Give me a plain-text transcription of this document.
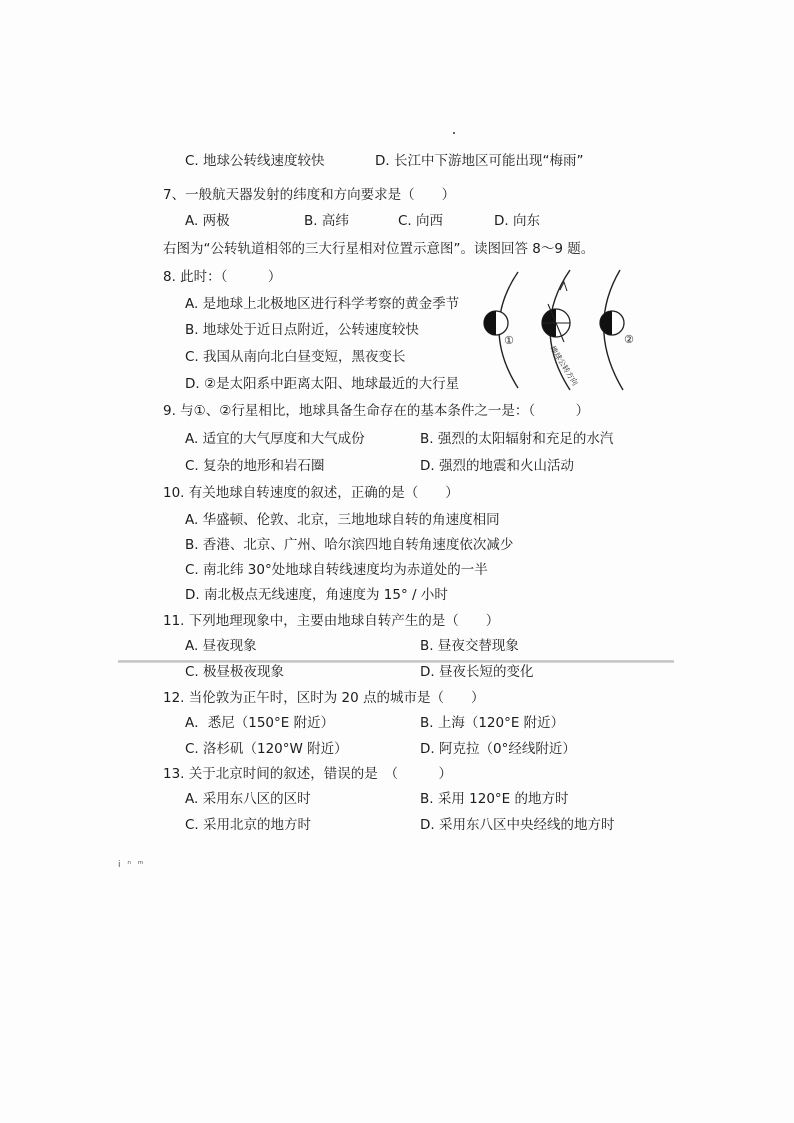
C. 地球公转线速度较快	D. 长江中下游地区可能出现“梅雨”
7、一般航天器发射的纬度和方向要求是（　　）
A. 两极	B. 高纬	C. 向西	D. 向东
右图为“公转轨道相邻的三大行星相对位置示意图”。读图回答 8～9 题。
8. 此时：（　　　）
A. 是地球上北极地区进行科学考察的黄金季节
B. 地球处于近日点附近，公转速度较快
C. 我国从南向北白昼变短，黑夜变长
D. ②是太阳系中距离太阳、地球最近的大行星
①	②
地球公转方向
9. 与①、②行星相比，地球具备生命存在的基本条件之一是：（　　　）
A. 适宜的大气厚度和大气成份	B. 强烈的太阳辐射和充足的水汽
C. 复杂的地形和岩石圈	D. 强烈的地震和火山活动
10. 有关地球自转速度的叙述，正确的是（　　）
A. 华盛顿、伦敦、北京，三地地球自转的角速度相同
B. 香港、北京、广州、哈尔滨四地自转角速度依次减少
C. 南北纬 30°处地球自转线速度均为赤道处的一半
D. 南北极点无线速度，角速度为 15° / 小时
11. 下列地理现象中，主要由地球自转产生的是（　　）
A. 昼夜现象	B. 昼夜交替现象
C. 极昼极夜现象	D. 昼夜长短的变化
12. 当伦敦为正午时，区时为 20 点的城市是（　　）
A．悉尼（150°E 附近）	B. 上海（120°E 附近）
C. 洛杉矶（120°W 附近）	D. 阿克拉（0°经线附近）
13. 关于北京时间的叙述，错误的是　（　　　）
A. 采用东八区的区时	B. 采用 120°E 的地方时
C. 采用北京的地方时	D. 采用东八区中央经线的地方时
ⅰ ⁿ ᵐ
